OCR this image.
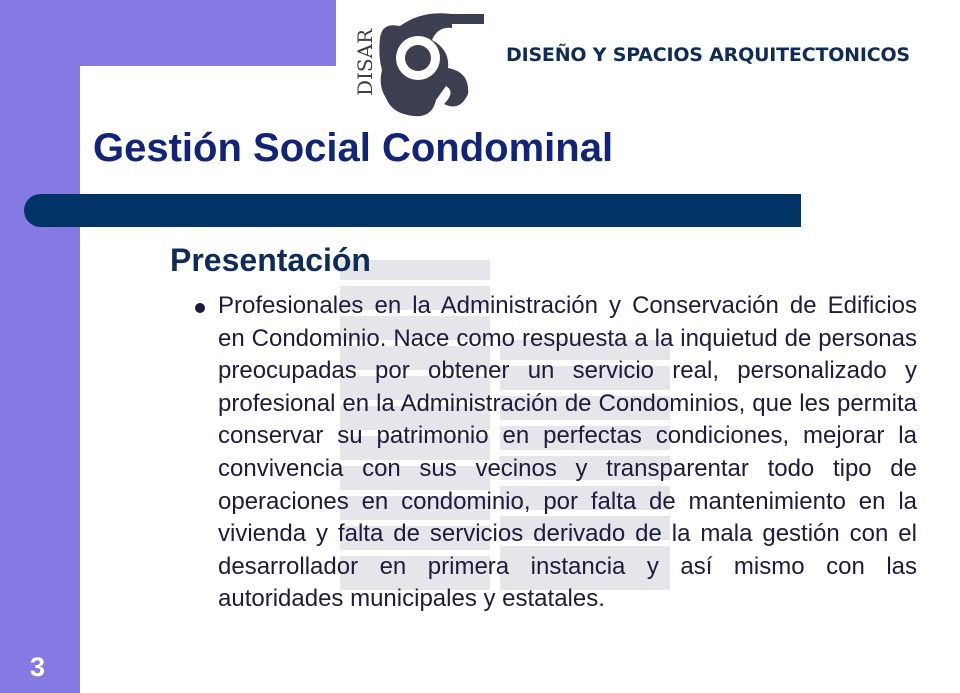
DISAR	DISEÑO Y SPACIOS ARQUITECTONICOS
Gestión Social Condominal
Presentación

Profesionales en la Administración y Conservación de Edificios en Condominio. Nace como respuesta a la inquietud de personas preocupadas por obtener un servicio real, personalizado y profesional en la Administración de Condominios, que les permita conservar su patrimonio en perfectas condiciones, mejorar la convivencia con sus vecinos y transparentar todo tipo de operaciones en condominio, por falta de mantenimiento en la vivienda y falta de servicios derivado de la mala gestión con el desarrollador en primera instancia y así mismo con las autoridades municipales y estatales.

3
